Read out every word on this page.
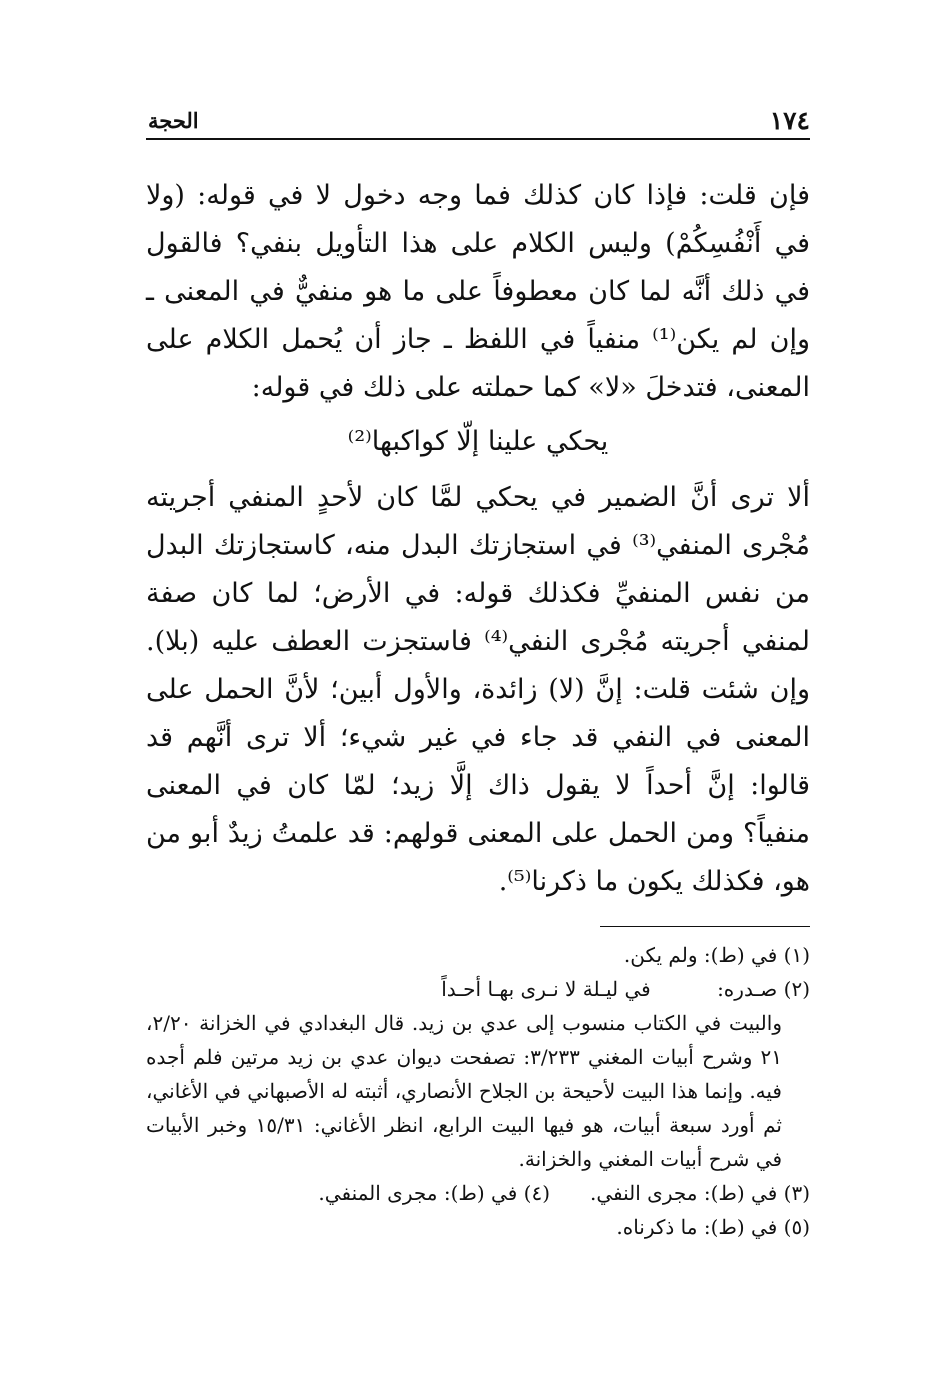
١٧٤
الحجة

فإن قلت: فإذا كان كذلك فما وجه دخول لا في قوله: (ولا في أَنْفُسِكُمْ) وليس الكلام على هذا التأويل بنفي؟ فالقول في ذلك أنَّه لما كان معطوفاً على ما هو منفيٌّ في المعنى ـ وإن لم يكن⁽¹⁾ منفياً في اللفظ ـ جاز أن يُحمل الكلام على المعنى، فتدخلَ «لا» كما حملته على ذلك في قوله:

يحكي علينا إلّا كواكبها⁽²⁾

ألا ترى أنَّ الضمير في يحكي لمَّا كان لأحدٍ المنفي أجريته مُجْرى المنفي⁽³⁾ في استجازتك البدل منه، كاستجازتك البدل من نفس المنفيِّ فكذلك قوله: في الأرض؛ لما كان صفة لمنفي أجريته مُجْرى النفي⁽⁴⁾ فاستجزت العطف عليه (بلا). وإن شئت قلت: إنَّ (لا) زائدة، والأول أبين؛ لأنَّ الحمل على المعنى في النفي قد جاء في غير شيء؛ ألا ترى أنَّهم قد قالوا: إنَّ أحداً لا يقول ذاك إلَّا زيد؛ لمّا كان في المعنى منفياً؟ ومن الحمل على المعنى قولهم: قد علمتُ زيدٌ أبو من هو، فكذلك يكون ما ذكرنا⁽⁵⁾.

(١) في (ط): ولم يكن.
(٢) صـدره: في ليـلة لا نـرى بهـا أحـداً
والبيت في الكتاب منسوب إلى عدي بن زيد. قال البغدادي في الخزانة ٢/٢٠، ٢١ وشرح أبيات المغني ٣/٢٣٣: تصفحت ديوان عدي بن زيد مرتين فلم أجده فيه. وإنما هذا البيت لأحيحة بن الجلاح الأنصاري، أثبته له الأصبهاني في الأغاني، ثم أورد سبعة أبيات، هو فيها البيت الرابع، انظر الأغاني: ١٥/٣١ وخبر الأبيات في شرح أبيات المغني والخزانة.
(٣) في (ط): مجرى النفي.
(٤) في (ط): مجرى المنفي.
(٥) في (ط): ما ذكرناه.
